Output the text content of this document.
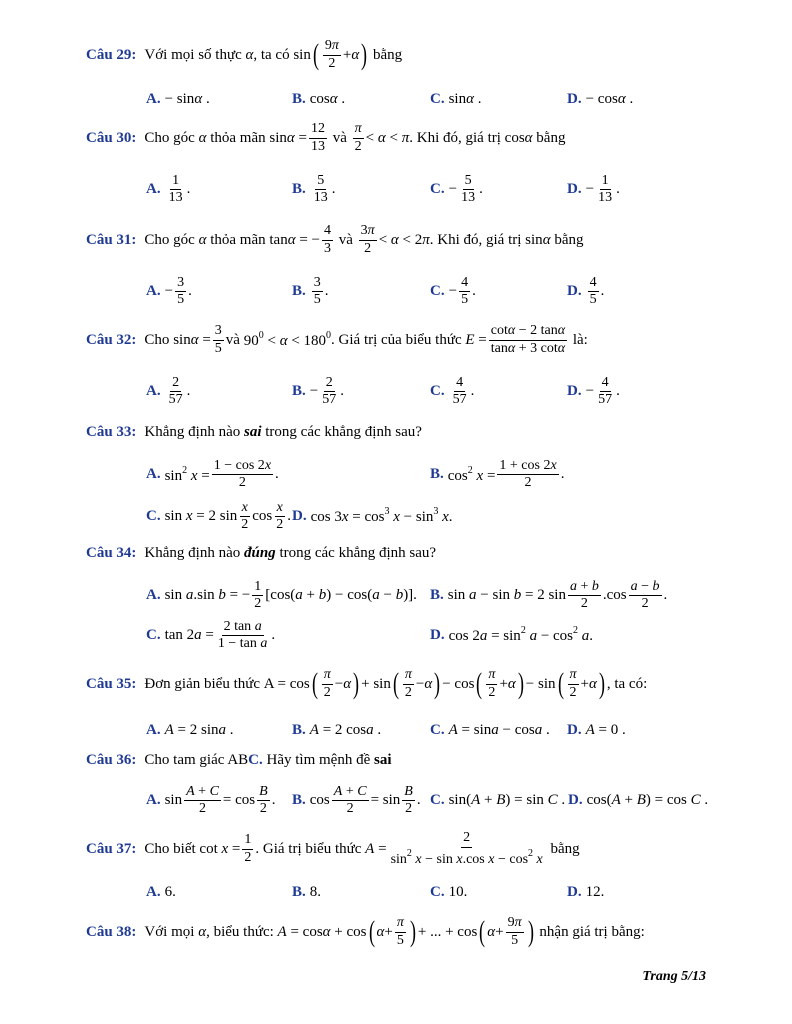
Câu 29: Với mọi số thực
α , ta có
sin ( $\frac{9\pi}{2} + \alpha$ )
bằng
A. − sinα .	B. cosα .	C. sinα .	D. − cosα .
Câu 30: Cho góc
α
thỏa mãn
$\sin\alpha = \frac{12}{13}$
và
$\frac{\pi}{2} < \alpha < \pi$ . Khi đó, giá trị
cosα
bằng
A. $\frac{1}{13}$ .	B. $\frac{5}{13}$ .	C. − $\frac{5}{13}$ .	D. − $\frac{1}{13}$ .
Câu 31: Cho góc
α
thỏa mãn
tanα = − $\frac{4}{3}$
và
$\frac{3\pi}{2} < \alpha < 2\pi$ . Khi đó, giá trị
sinα
bằng
A. − $\frac{3}{5}$ .	B. $\frac{3}{5}$ .	C. − $\frac{4}{5}$ .	D. $\frac{4}{5}$ .
Câu 32: Cho
$\sin\alpha = \frac{3}{5}$ và
$90^0 < \alpha < 180^0$ . Giá trị của biểu thức
$E = \frac{\cot\alpha - 2 \tan\alpha}{\tan\alpha + 3 \cot\alpha}$
là:
A. $\frac{2}{57}$ .	B. − $\frac{2}{57}$ .	C. $\frac{4}{57}$ .	D. − $\frac{4}{57}$ .
Câu 33: Khẳng định nào
sai
trong các khẳng định sau?
A. $\sin^2 x = \frac{1 - \cos 2x}{2}$ .	B. $\cos^2 x = \frac{1 + \cos 2x}{2}$ .
C. sin x = 2 $\sin \frac{x}{2}$ $\cos \frac{x}{2}$ . D. $\cos 3x = \cos^3 x - \sin^3 x$.
Câu 34: Khẳng định nào
đúng
trong các khẳng định sau?
A. sin a.sin b = − $\frac{1}{2} [\cos(a + b) - \cos(a - b)]$. B. sin a − sin b = 2 $\sin \frac{a + b}{2} .\cos \frac{a - b}{2}$ .
C. $\tan 2a = \frac{\text{2 tan a}}{\text{1 − tan a}}$ .	D. $\cos 2a = \sin^2 a - \cos^2 a$.
Câu 35: Đơn giản biểu thức
A = cos ( $\frac{\pi}{2} - \alpha$ ) + sin ( $\frac{\pi}{2} - \alpha$ ) − cos ( $\frac{\pi}{2} + \alpha$ ) − sin ( $\frac{\pi}{2} + \alpha$ ) , ta có:
A. A = 2 sina .	B. A = 2 cosa .	C. A = sina − cosa . D. A = 0 .
Câu 36: Cho tam giác AB C.
Hãy tìm mệnh đề
sai
A. $\sin \frac{A + C}{2} = \cos \frac{B}{2}$ . B. $\cos \frac{A + C}{2} = \sin \frac{B}{2}$ . C. sin(A + B) = sin C . D. cos(A + B) = cos C .
Câu 37: Cho biết
$\cot x = \frac{1}{2}$ . Giá trị biểu thức
$A = \frac{2}{\sin^2 x - \sin x.\cos x - \cos^2 x}$
bằng
A. 6.	B. 8.	C. 10.	D. 12.
Câu 38: Với mọi
α , biểu thức:
A = cosα + cos ( $\alpha + \frac{\pi}{5}$ ) + ... + cos ( $\alpha + \frac{9\pi}{5}$ )
nhận giá trị bằng:
Trang 5/13
